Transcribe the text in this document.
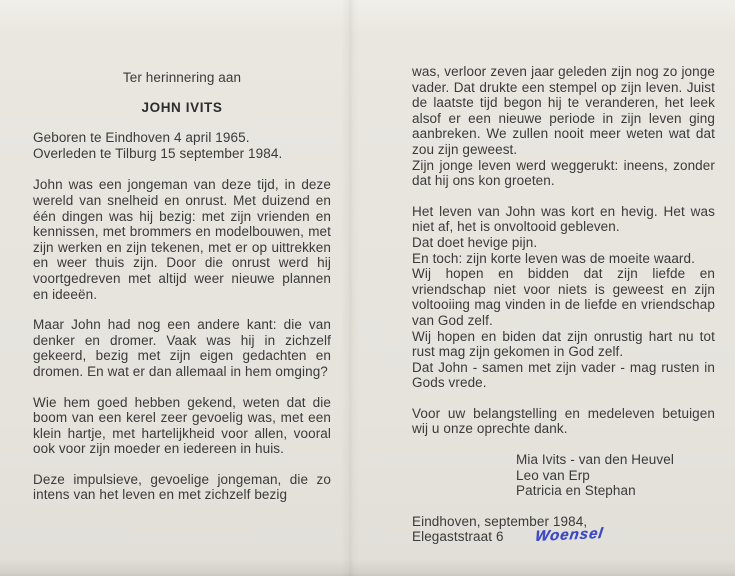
Ter herinnering aan

JOHN IVITS

Geboren te Eindhoven 4 april 1965.

Overleden te Tilburg 15 september 1984.

John was een jongeman van deze tijd, in deze wereld van snelheid en onrust. Met duizend en één dingen was hij bezig: met zijn vrienden en kennissen, met brommers en modelbouwen, met zijn werken en zijn tekenen, met er op uittrekken en weer thuis zijn. Door die onrust werd hij voortgedreven met altijd weer nieuwe plannen en ideeën.

Maar John had nog een andere kant: die van denker en dromer. Vaak was hij in zichzelf gekeerd, bezig met zijn eigen gedachten en dromen. En wat er dan allemaal in hem omging?

Wie hem goed hebben gekend, weten dat die boom van een kerel zeer gevoelig was, met een klein hartje, met hartelijkheid voor allen, vooral ook voor zijn moeder en iedereen in huis.

Deze impulsieve, gevoelige jongeman, die zo intens van het leven en met zichzelf bezig

was, verloor zeven jaar geleden zijn nog zo jonge vader. Dat drukte een stempel op zijn leven. Juist de laatste tijd begon hij te veranderen, het leek alsof er een nieuwe periode in zijn leven ging aanbreken. We zullen nooit meer weten wat dat zou zijn geweest.

Zijn jonge leven werd weggerukt: ineens, zonder dat hij ons kon groeten.

Het leven van John was kort en hevig. Het was niet af, het is onvoltooid gebleven.

Dat doet hevige pijn.

En toch: zijn korte leven was de moeite waard.

Wij hopen en bidden dat zijn liefde en vriendschap niet voor niets is geweest en zijn voltooiing mag vinden in de liefde en vriendschap van God zelf.

Wij hopen en biden dat zijn onrustig hart nu tot rust mag zijn gekomen in God zelf.

Dat John - samen met zijn vader - mag rusten in Gods vrede.

Voor uw belangstelling en medeleven betuigen wij u onze oprechte dank.

Mia Ivits - van den Heuvel

Leo van Erp

Patricia en Stephan

Eindhoven, september 1984,

Elegaststraat 6 Woensel
